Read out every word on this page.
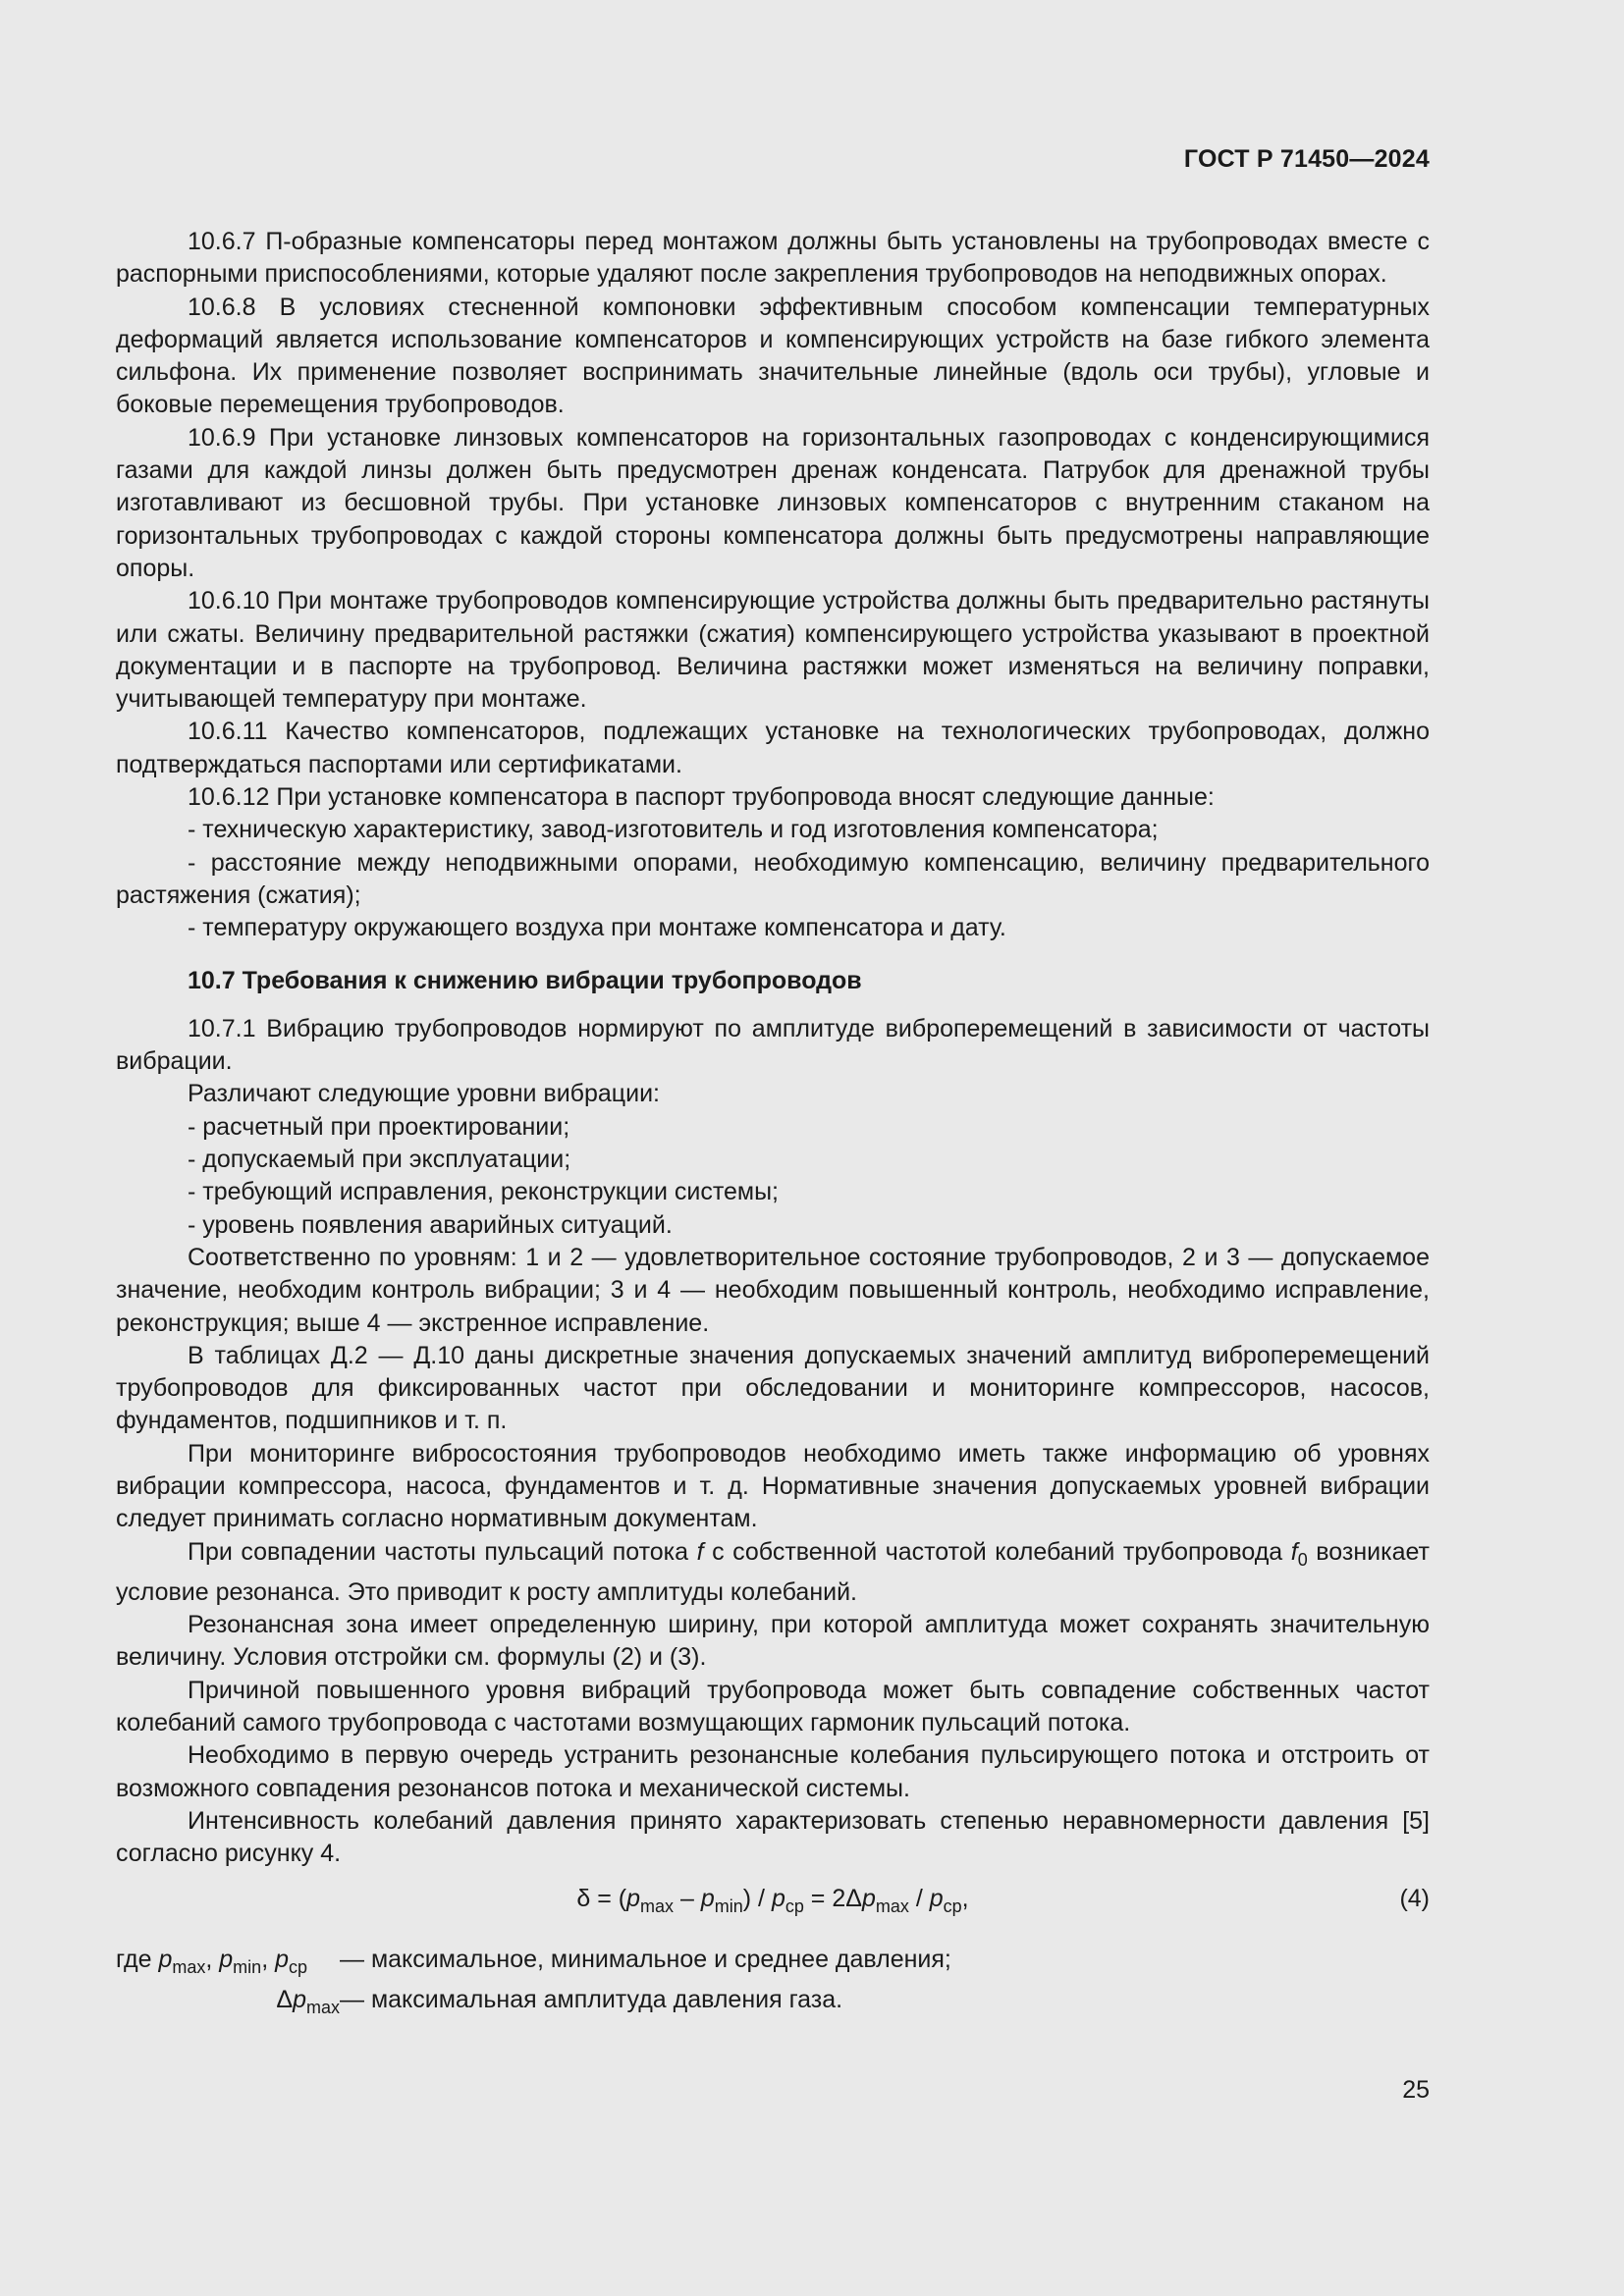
ГОСТ Р 71450—2024

10.6.7 П-образные компенсаторы перед монтажом должны быть установлены на трубопроводах вместе с распорными приспособлениями, которые удаляют после закрепления трубопроводов на неподвижных опорах.

10.6.8 В условиях стесненной компоновки эффективным способом компенсации температурных деформаций является использование компенсаторов и компенсирующих устройств на базе гибкого элемента сильфона. Их применение позволяет воспринимать значительные линейные (вдоль оси трубы), угловые и боковые перемещения трубопроводов.

10.6.9 При установке линзовых компенсаторов на горизонтальных газопроводах с конденсирующимися газами для каждой линзы должен быть предусмотрен дренаж конденсата. Патрубок для дренажной трубы изготавливают из бесшовной трубы. При установке линзовых компенсаторов с внутренним стаканом на горизонтальных трубопроводах с каждой стороны компенсатора должны быть предусмотрены направляющие опоры.

10.6.10 При монтаже трубопроводов компенсирующие устройства должны быть предварительно растянуты или сжаты. Величину предварительной растяжки (сжатия) компенсирующего устройства указывают в проектной документации и в паспорте на трубопровод. Величина растяжки может изменяться на величину поправки, учитывающей температуру при монтаже.

10.6.11 Качество компенсаторов, подлежащих установке на технологических трубопроводах, должно подтверждаться паспортами или сертификатами.

10.6.12 При установке компенсатора в паспорт трубопровода вносят следующие данные:

- техническую характеристику, завод-изготовитель и год изготовления компенсатора;

- расстояние между неподвижными опорами, необходимую компенсацию, величину предварительного растяжения (сжатия);

- температуру окружающего воздуха при монтаже компенсатора и дату.

10.7 Требования к снижению вибрации трубопроводов

10.7.1 Вибрацию трубопроводов нормируют по амплитуде виброперемещений в зависимости от частоты вибрации.

Различают следующие уровни вибрации:

- расчетный при проектировании;

- допускаемый при эксплуатации;

- требующий исправления, реконструкции системы;

- уровень появления аварийных ситуаций.

Соответственно по уровням: 1 и 2 — удовлетворительное состояние трубопроводов, 2 и 3 — допускаемое значение, необходим контроль вибрации; 3 и 4 — необходим повышенный контроль, необходимо исправление, реконструкция; выше 4 — экстренное исправление.

В таблицах Д.2 — Д.10 даны дискретные значения допускаемых значений амплитуд виброперемещений трубопроводов для фиксированных частот при обследовании и мониторинге компрессоров, насосов, фундаментов, подшипников и т. п.

При мониторинге вибросостояния трубопроводов необходимо иметь также информацию об уровнях вибрации компрессора, насоса, фундаментов и т. д. Нормативные значения допускаемых уровней вибрации следует принимать согласно нормативным документам.

При совпадении частоты пульсаций потока f с собственной частотой колебаний трубопровода $f_0$ возникает условие резонанса. Это приводит к росту амплитуды колебаний.

Резонансная зона имеет определенную ширину, при которой амплитуда может сохранять значительную величину. Условия отстройки см. формулы (2) и (3).

Причиной повышенного уровня вибраций трубопровода может быть совпадение собственных частот колебаний самого трубопровода с частотами возмущающих гармоник пульсаций потока.

Необходимо в первую очередь устранить резонансные колебания пульсирующего потока и отстроить от возможного совпадения резонансов потока и механической системы.

Интенсивность колебаний давления принято характеризовать степенью неравномерности давления [5] согласно рисунку 4.

$\delta = (p_{max} - p_{min}) / p_{ср} = 2\Delta p_{max} / p_{ср}$,	(4)
где $p_{max}$, $p_{min}$, $p_{ср}$	— максимальное, минимальное и среднее давления;
$\Delta p_{max}$ — максимальная амплитуда давления газа.
25
